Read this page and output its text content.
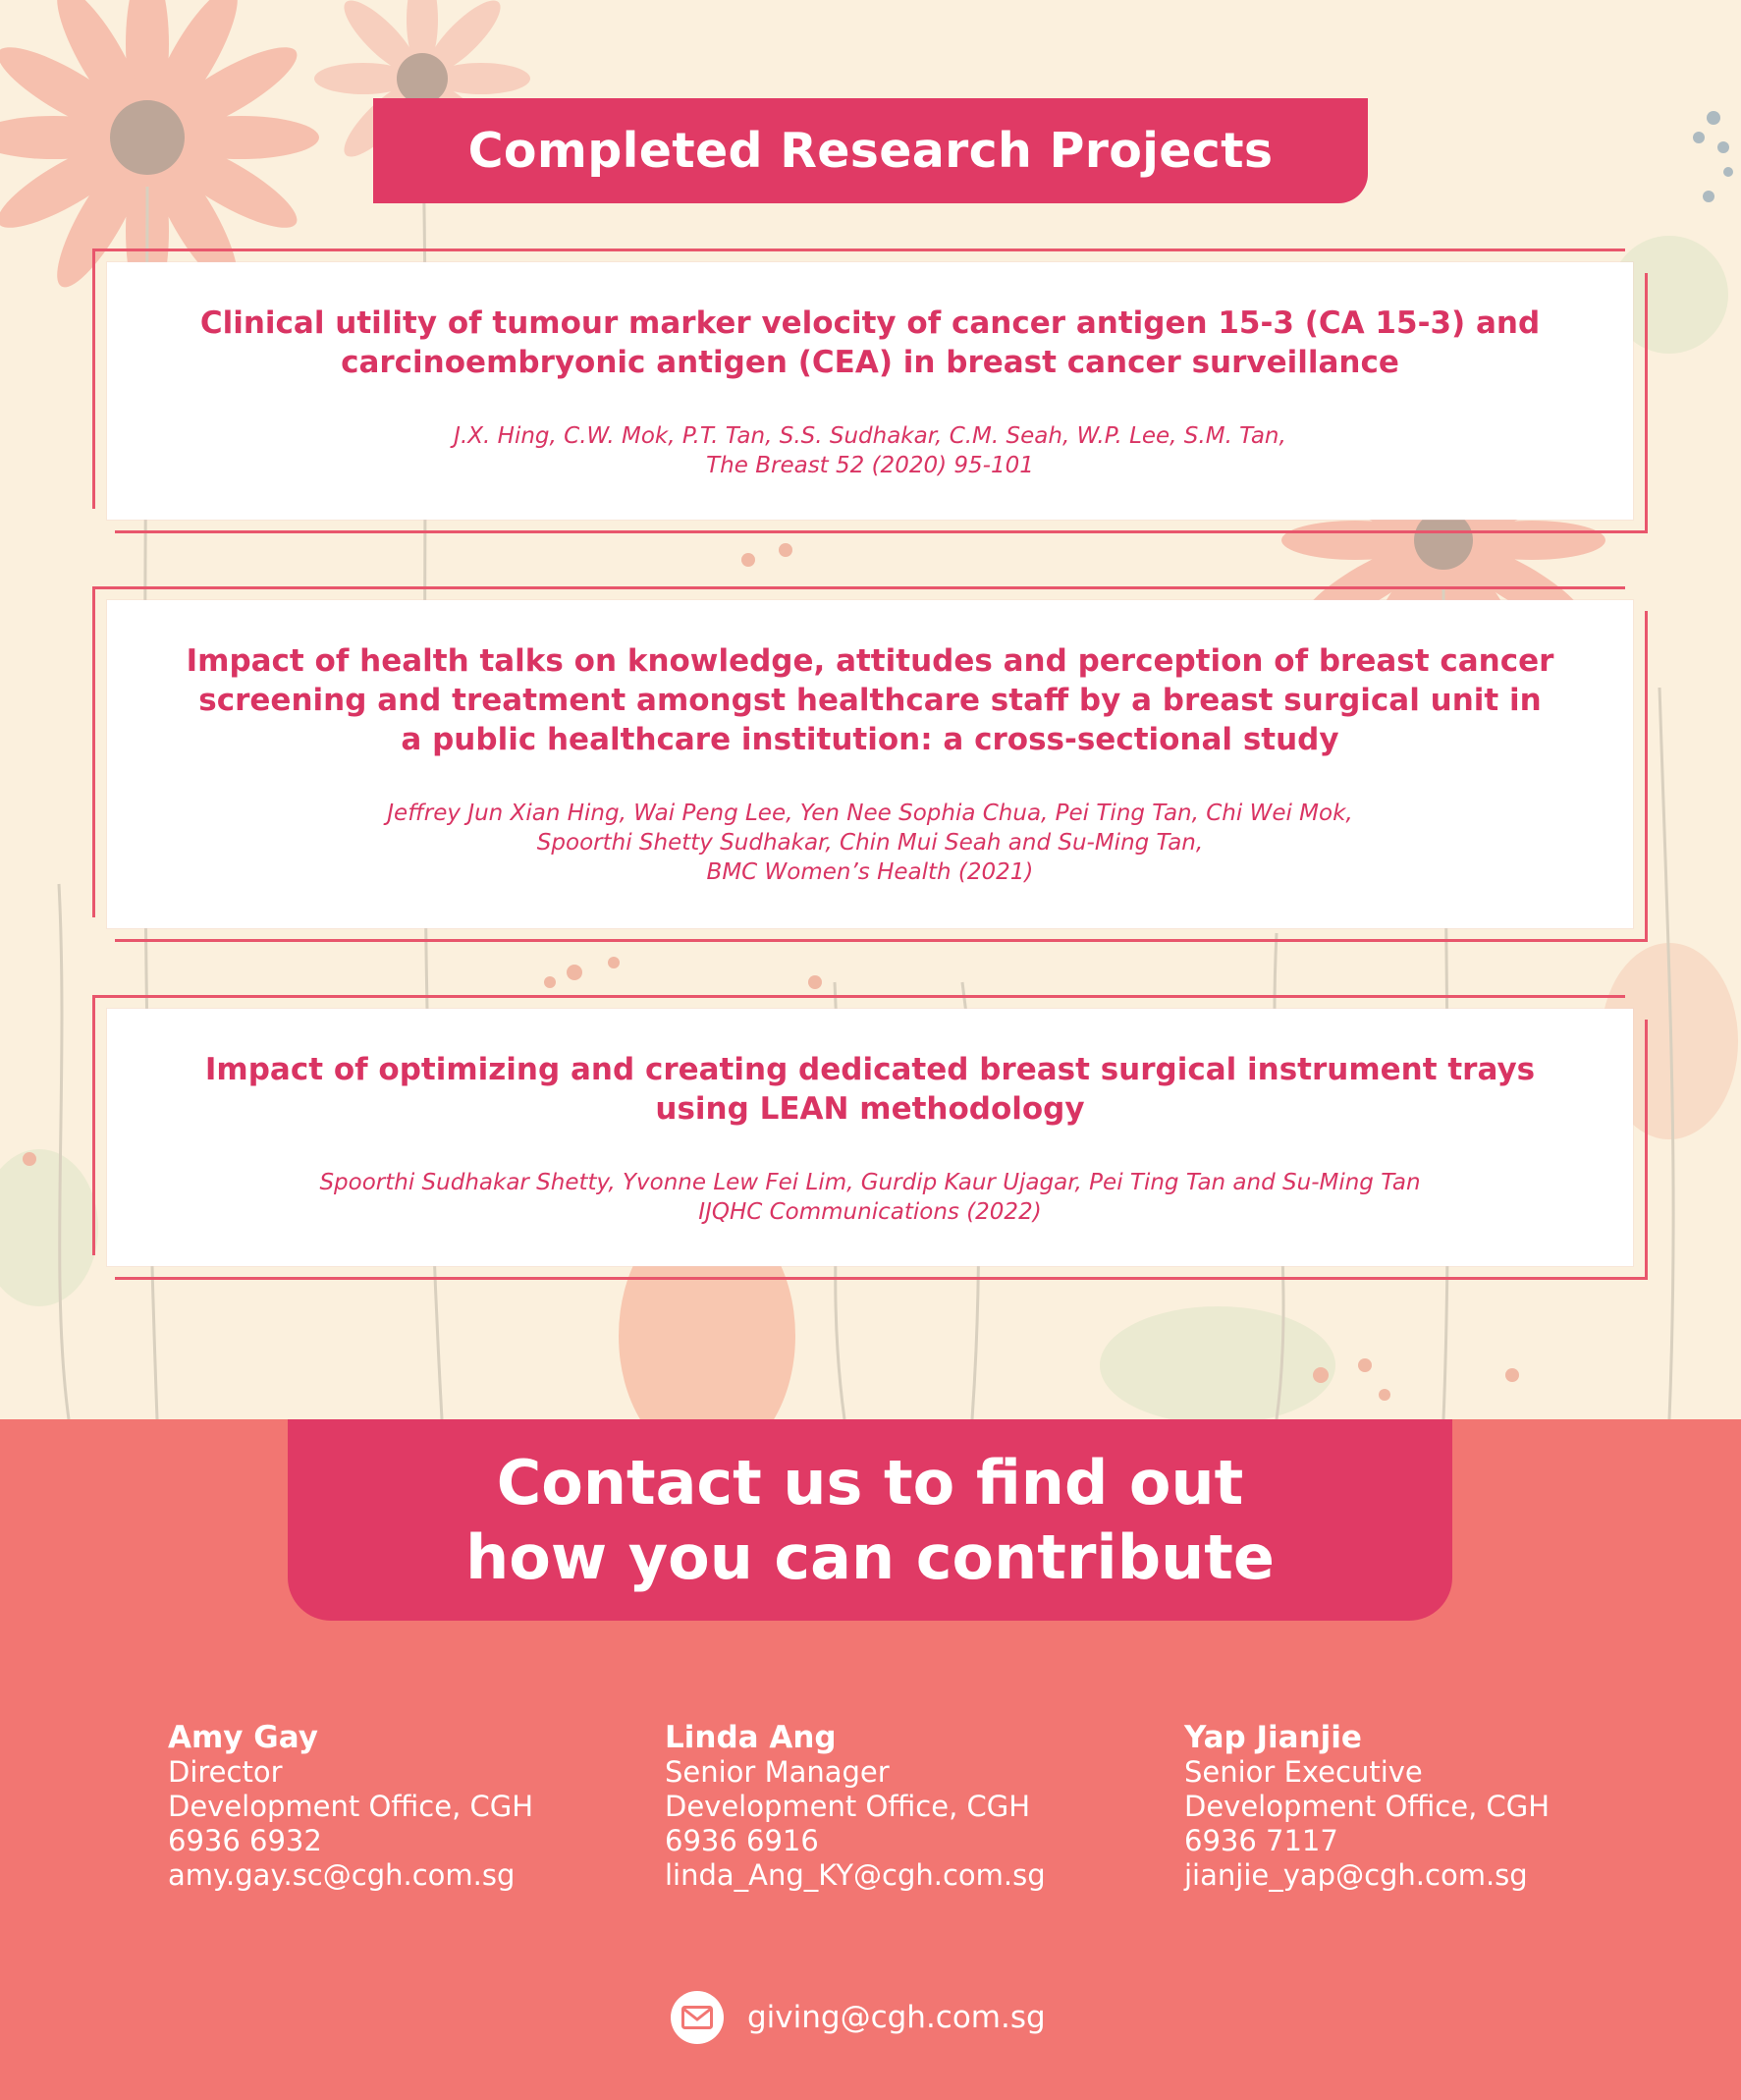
Completed Research Projects
Clinical utility of tumour marker velocity of cancer antigen 15-3 (CA 15-3) and carcinoembryonic antigen (CEA) in breast cancer surveillance
J.X. Hing, C.W. Mok, P.T. Tan, S.S. Sudhakar, C.M. Seah, W.P. Lee, S.M. Tan,
The Breast 52 (2020) 95-101
Impact of health talks on knowledge, attitudes and perception of breast cancer screening and treatment amongst healthcare staff by a breast surgical unit in a public healthcare institution: a cross-sectional study
Jeffrey Jun Xian Hing, Wai Peng Lee, Yen Nee Sophia Chua, Pei Ting Tan, Chi Wei Mok,
Spoorthi Shetty Sudhakar, Chin Mui Seah and Su-Ming Tan,
BMC Women’s Health (2021)
Impact of optimizing and creating dedicated breast surgical instrument trays using LEAN methodology
Spoorthi Sudhakar Shetty, Yvonne Lew Fei Lim, Gurdip Kaur Ujagar, Pei Ting Tan and Su-Ming Tan
IJQHC Communications (2022)
Contact us to find out
how you can contribute
Amy Gay
Director
Development Office, CGH
6936 6932
amy.gay.sc@cgh.com.sg
Linda Ang
Senior Manager
Development Office, CGH
6936 6916
linda_Ang_KY@cgh.com.sg
Yap Jianjie
Senior Executive
Development Office, CGH
6936 7117
jianjie_yap@cgh.com.sg
giving@cgh.com.sg
